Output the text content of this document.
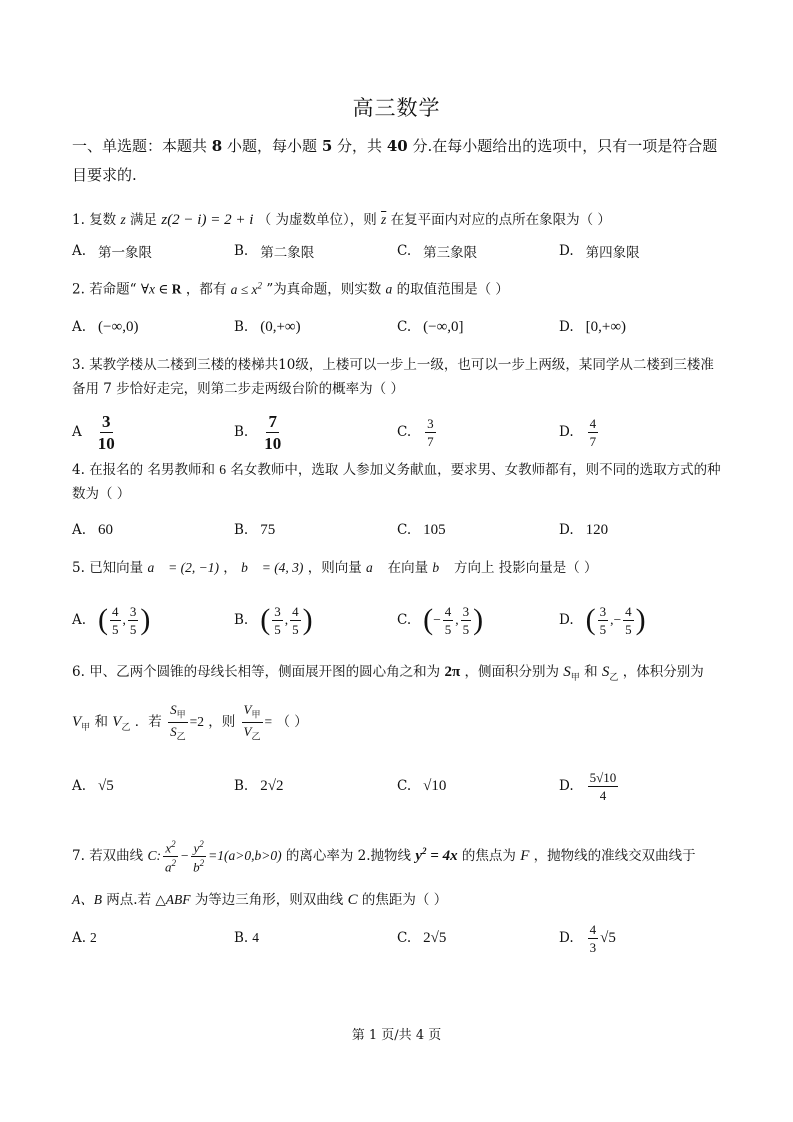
高三数学
一、单选题：本题共 8 小题，每小题 5 分，共 40 分.在每小题给出的选项中，只有一项是符合题目要求的.
1. 复数 z 满足 z(2 − i) = 2 + i （ 为虚数单位），则 $\overline{z}$ 在复平面内对应的点所在象限为（ ）
A. 第一象限	B. 第二象限	C. 第三象限	D. 第四象限
2. 若命题“ ∀x ∈ R ，都有 $a \le x^2$ ”为真命题，则实数 a 的取值范围是（ ）
A. (−∞,0)	B. (0,+∞)	C. (−∞,0]	D. [0,+∞)
3. 某教学楼从二楼到三楼的楼梯共10级，上楼可以一步上一级，也可以一步上两级，某同学从二楼到三楼准备用 7 步恰好走完，则第二步走两级台阶的概率为（ ）
A $\frac{3}{10}$	B. $\frac{7}{10}$	C. $\frac{3}{7}$	D. $\frac{4}{7}$
4. 在报名的 名男教师和 6 名女教师中，选取 人参加义务献血，要求男、女教师都有，则不同的选取方式的种数为（ ）
A. 60	B. 75	C. 105	D. 120
5. 已知向量 a⃗ = (2, −1) ， b⃗ = (4, 3) ，则向量 a⃗ 在向量 b⃗ 方向上 投影向量是（ ）
A. ( $\frac{4}{5}$ , $\frac{3}{5}$ )	B. ( $\frac{3}{5}$ , $\frac{4}{5}$ )	C. ( − $\frac{4}{5}$ , $\frac{3}{5}$ )	D. ( $\frac{3}{5}$ , − $\frac{4}{5}$ )
6. 甲、乙两个圆锥的母线长相等，侧面展开图的圆心角之和为 2π ，侧面积分别为 $S_甲$ 和 $S_乙$ ，体积分别为
$V_甲$ 和 $V_乙$ ．若 $\frac{S_甲}{S_乙} =2$ ，则 $\frac{V_甲}{V_乙}$ = （ ）
A. √5	B. 2√2	C. √10	D. $\frac{5√10}{4}$
7. 若双曲线 C: $\frac{x^2}{a^2} - \frac{y^2}{b^2} =1(a>0,b>0)$ 的离心率为 2.抛物线 $y^2 = 4x$ 的焦点为 F ，抛物线的准线交双曲线于
A、B 两点.若 △ABF 为等边三角形，则双曲线 C 的焦距为（ ）
A. 2	B. 4	C. 2√5	D. $\frac{4}{3} √5$
第 1 页/共 4 页
